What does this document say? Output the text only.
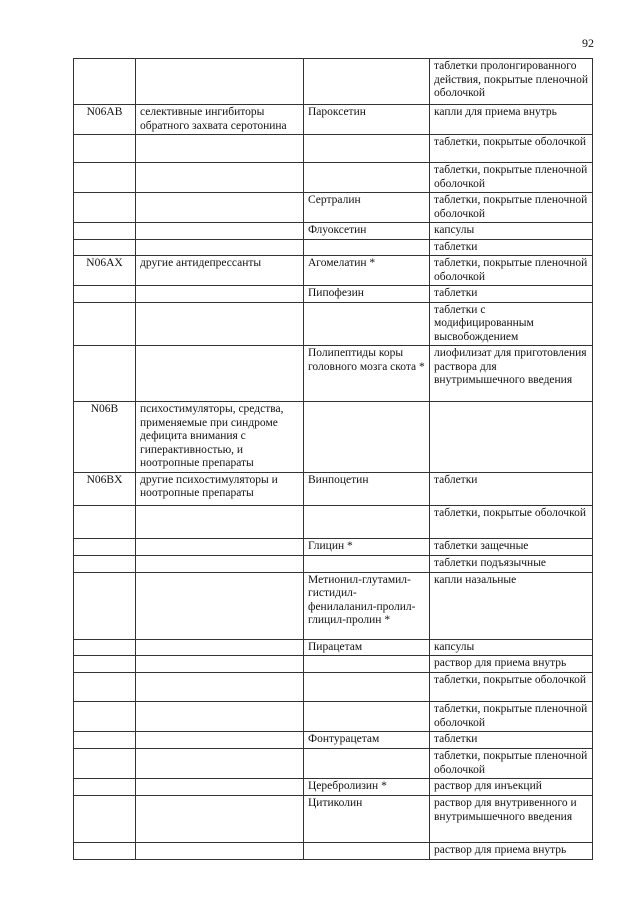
92
			таблетки пролонгированного действия, покрытые пленочной оболочкой
N06AB	селективные ингибиторы обратного захвата серотонина	Пароксетин	капли для приема внутрь
			таблетки, покрытые оболочкой
			таблетки, покрытые пленочной оболочкой
		Сертралин	таблетки, покрытые пленочной оболочкой
		Флуоксетин	капсулы
			таблетки
N06AX	другие антидепрессанты	Агомелатин *	таблетки, покрытые пленочной оболочкой
		Пипофезин	таблетки
			таблетки с модифицированным высвобождением
		Полипептиды коры головного мозга скота *	лиофилизат для приготовления раствора для внутримышечного введения
N06B	психостимуляторы, средства, применяемые при синдроме дефицита внимания с гиперактивностью, и ноотропные препараты		
N06BX	другие психостимуляторы и ноотропные препараты	Винпоцетин	таблетки
			таблетки, покрытые оболочкой
		Глицин *	таблетки защечные
			таблетки подъязычные
		Метионил-глутамил-гистидил-фенилаланил-пролил-глицил-пролин *	капли назальные
		Пирацетам	капсулы
			раствор для приема внутрь
			таблетки, покрытые оболочкой
			таблетки, покрытые пленочной оболочкой
		Фонтурацетам	таблетки
			таблетки, покрытые пленочной оболочкой
		Церебролизин *	раствор для инъекций
		Цитиколин	раствор для внутривенного и внутримышечного введения
			раствор для приема внутрь
